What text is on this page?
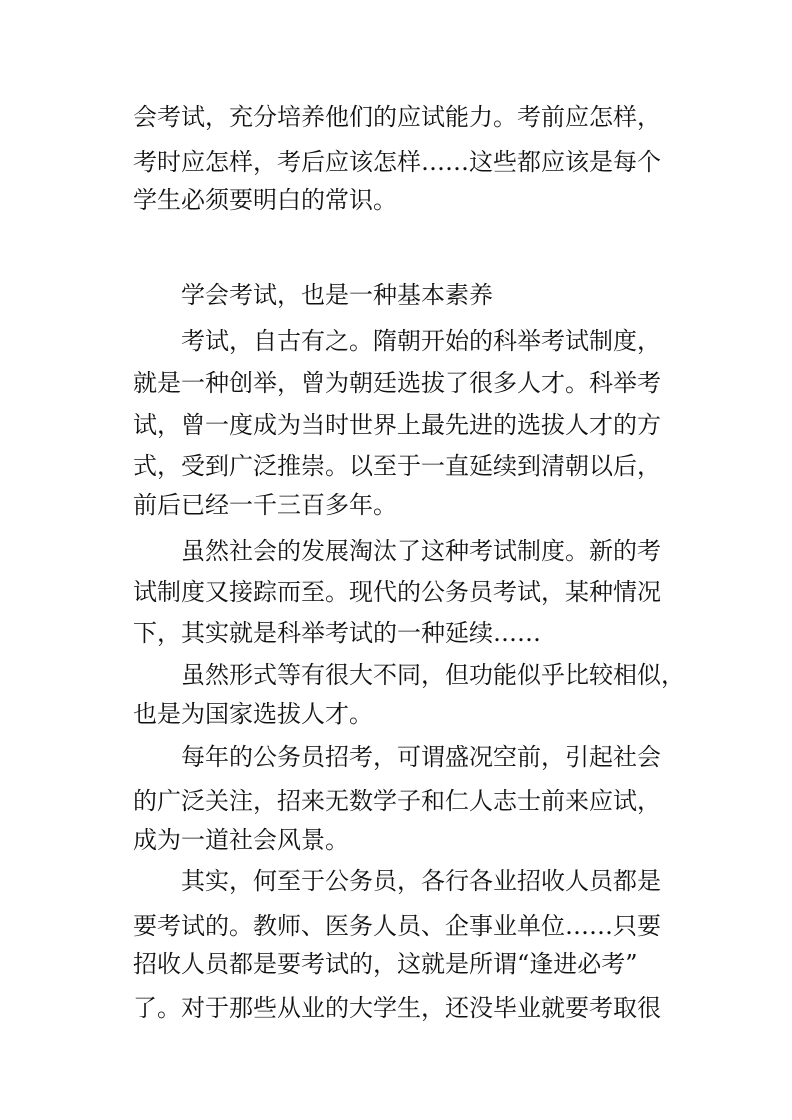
会考试，充分培养他们的应试能力。考前应怎样，

考时应怎样，考后应该怎样……这些都应该是每个

学生必须要明白的常识。

学会考试，也是一种基本素养

考试，自古有之。隋朝开始的科举考试制度，

就是一种创举，曾为朝廷选拔了很多人才。科举考

试，曾一度成为当时世界上最先进的选拔人才的方

式，受到广泛推崇。以至于一直延续到清朝以后，

前后已经一千三百多年。

虽然社会的发展淘汰了这种考试制度。新的考

试制度又接踪而至。现代的公务员考试，某种情况

下，其实就是科举考试的一种延续……

虽然形式等有很大不同，但功能似乎比较相似，

也是为国家选拔人才。

每年的公务员招考，可谓盛况空前，引起社会

的广泛关注，招来无数学子和仁人志士前来应试，

成为一道社会风景。

其实，何至于公务员，各行各业招收人员都是

要考试的。教师、医务人员、企事业单位……只要

招收人员都是要考试的，这就是所谓“逢进必考”

了。对于那些从业的大学生，还没毕业就要考取很
